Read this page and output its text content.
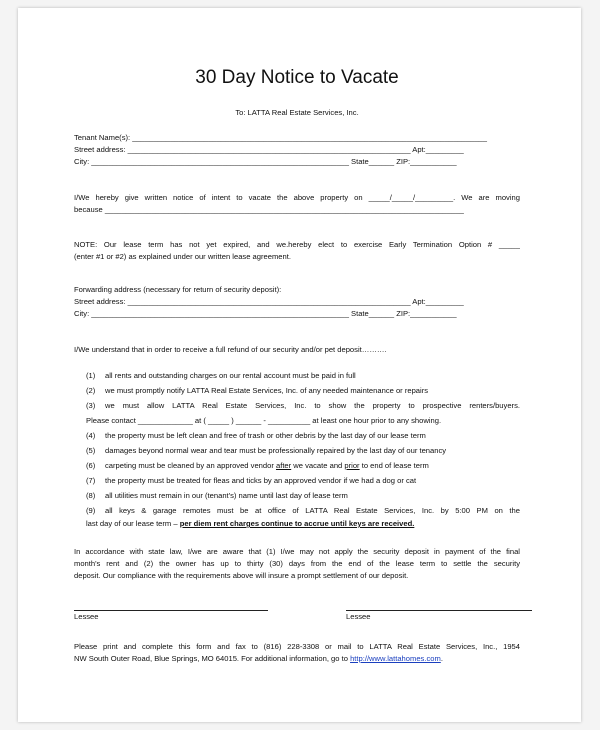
30 Day Notice to Vacate
To: LATTA Real Estate Services, Inc.
Tenant Name(s): ____________________________________________________________________________________
Street address: ___________________________________________________________________ Apt:_________
City: _____________________________________________________________ State______ ZIP:___________
I/We hereby give written notice of intent to vacate the above property on _____/_____/_________. We are moving
because _____________________________________________________________________________________
NOTE: Our lease term has not yet expired, and we.hereby elect to exercise Early Termination Option # _____
(enter #1 or #2) as explained under our written lease agreement.
Forwarding address (necessary for return of security deposit):
Street address: ___________________________________________________________________ Apt:_________
City: _____________________________________________________________ State______ ZIP:___________
I/We understand that in order to receive a full refund of our security and/or pet deposit……….
(1)	all rents and outstanding charges on our rental account must be paid in full
(2)	we must promptly notify LATTA Real Estate Services, Inc. of any needed maintenance or repairs
(3)	we must allow LATTA Real Estate Services, Inc. to show the property to prospective renters/buyers.
Please contact _____________ at ( _____ ) ______ - __________ at least one hour prior to any showing.
(4)	the property must be left clean and free of trash or other debris by the last day of our lease term
(5)	damages beyond normal wear and tear must be professionally repaired by the last day of our tenancy
(6)	carpeting must be cleaned by an approved vendor after we vacate and prior to end of lease term
(7)	the property must be treated for fleas and ticks by an approved vendor if we had a dog or cat
(8)	all utilities must remain in our (tenant's) name until last day of lease term
(9)	all keys & garage remotes must be at office of LATTA Real Estate Services, Inc. by 5:00 PM on the
last day of our lease term – per diem rent charges continue to accrue until keys are received.
In accordance with state law, I/we are aware that (1) I/we may not apply the security deposit in payment of the final
month's rent and (2) the owner has up to thirty (30) days from the end of the lease term to settle the security
deposit. Our compliance with the requirements above will insure a prompt settlement of our deposit.
Lessee	Lessee
Please print and complete this form and fax to (816) 228-3308 or mail to LATTA Real Estate Services, Inc., 1954
NW South Outer Road, Blue Springs, MO 64015. For additional information, go to http://www.lattahomes.com.
